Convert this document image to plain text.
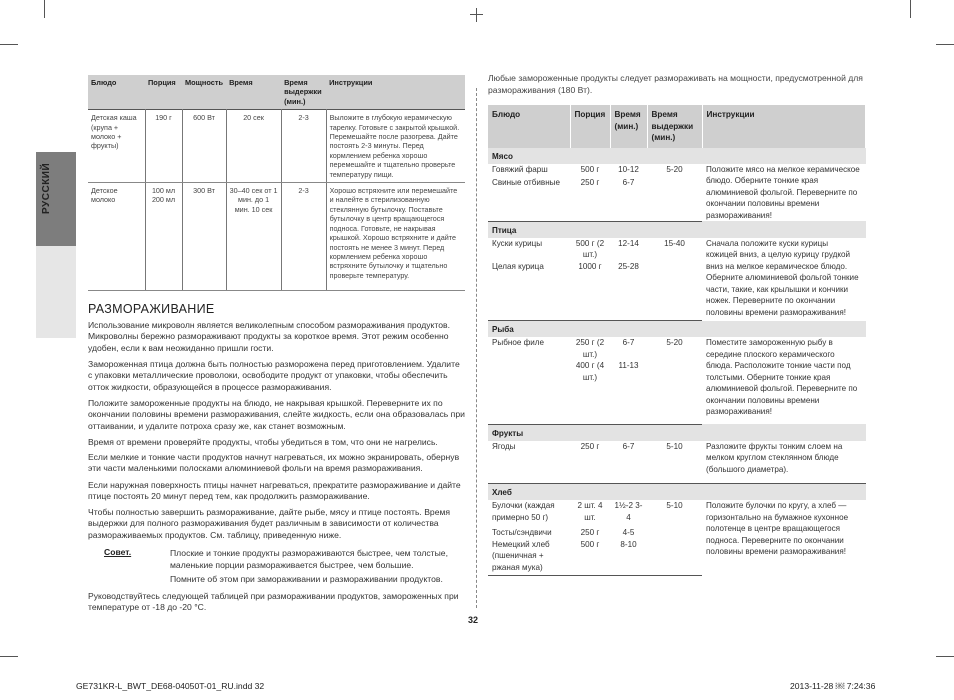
РУССКИЙ
Блюдо	Порция	Мощность	Время	Время выдержки (мин.)	Инструкции
Детская каша (крупа + молоко + фрукты)	190 г	600 Вт	20 сек	2-3	Выложите в глубокую керамическую тарелку. Готовьте с закрытой крышкой. Перемешайте после разогрева. Дайте постоять 2-3 минуты. Перед кормлением ребенка хорошо перемешайте и тщательно проверьте температуру пищи.
Детское молоко	100 мл 200 мл	300 Вт	30–40 сек от 1 мин. до 1 мин. 10 сек	2-3	Хорошо встряхните или перемешайте и налейте в стерилизованную стеклянную бутылочку. Поставьте бутылочку в центр вращающегося подноса. Готовьте, не накрывая крышкой. Хорошо встряхните и дайте постоять не менее 3 минут. Перед кормлением ребенка хорошо встряхните бутылочку и тщательно проверьте температуру.
РАЗМОРАЖИВАНИЕ
Использование микроволн является великолепным способом размораживания продуктов. Микроволны бережно размораживают продукты за короткое время. Этот режим особенно удобен, если к вам неожиданно пришли гости.
Замороженная птица должна быть полностью разморожена перед приготовлением. Удалите с упаковки металлические проволоки, освободите продукт от упаковки, чтобы обеспечить отток жидкости, образующейся в процессе размораживания.
Положите замороженные продукты на блюдо, не накрывая крышкой. Переверните их по окончании половины времени размораживания, слейте жидкость, если она образовалась при оттаивании, и удалите потроха сразу же, как станет возможным.
Время от времени проверяйте продукты, чтобы убедиться в том, что они не нагрелись.
Если мелкие и тонкие части продуктов начнут нагреваться, их можно экранировать, обернув эти части маленькими полосками алюминиевой фольги на время размораживания.
Если наружная поверхность птицы начнет нагреваться, прекратите размораживание и дайте птице постоять 20 минут перед тем, как продолжить размораживание.
Чтобы полностью завершить размораживание, дайте рыбе, мясу и птице постоять. Время выдержки для полного размораживания будет различным в зависимости от количества размораживаемых продуктов. См. таблицу, приведенную ниже.
Совет.	Плоские и тонкие продукты размораживаются быстрее, чем толстые, маленькие порции размораживается быстрее, чем большие.
Помните об этом при замораживании и размораживании продуктов.
Руководствуйтесь следующей таблицей при размораживании продуктов, замороженных при температуре от -18 до -20 °C.
Любые замороженные продукты следует размораживать на мощности, предусмотренной для размораживания (180 Вт).
Блюдо	Порция	Время (мин.)	Время выдержки (мин.)	Инструкции
Мясо				
Говяжий фарш	500 г	10-12	5-20	Положите мясо на мелкое керамическое блюдо. Оберните тонкие края алюминиевой фольгой. Переверните по окончании половины времени размораживания!
Свиные отбивные	250 г	6-7		
Птица				
Куски курицы	500 г (2 шт.)	12-14	15-40	Сначала положите куски курицы кожицей вниз, а целую курицу грудкой вниз на мелкое керамическое блюдо. Оберните алюминиевой фольгой тонкие части, такие, как крылышки и кончики ножек. Переверните по окончании половины времени размораживания!
Целая курица	1000 г	25-28		
Рыба				
Рыбное филе	250 г (2 шт.)	6-7	5-20	Поместите замороженную рыбу в середине плоского керамического блюда. Расположите тонкие части под толстыми. Оберните тонкие края алюминиевой фольгой. Переверните по окончании половины времени размораживания!
	400 г (4 шт.)	11-13		
Фрукты				
Ягоды	250 г	6-7	5-10	Разложите фрукты тонким слоем на мелком круглом стеклянном блюде (большого диаметра).
Хлеб				
Булочки (каждая примерно 50 г)	2 шт. 4 шт.	1½-2 3-4	5-10	Положите булочки по кругу, а хлеб — горизонтально на бумажное кухонное полотенце в центре вращающегося подноса. Переверните по окончании половины времени размораживания!
Тосты/сэндвичи	250 г	4-5		
Немецкий хлеб (пшеничная + ржаная мука)	500 г	8-10		
32
GE731KR-L_BWT_DE68-04050T-01_RU.indd 32	2013-11-28 ￼ 7:24:36
